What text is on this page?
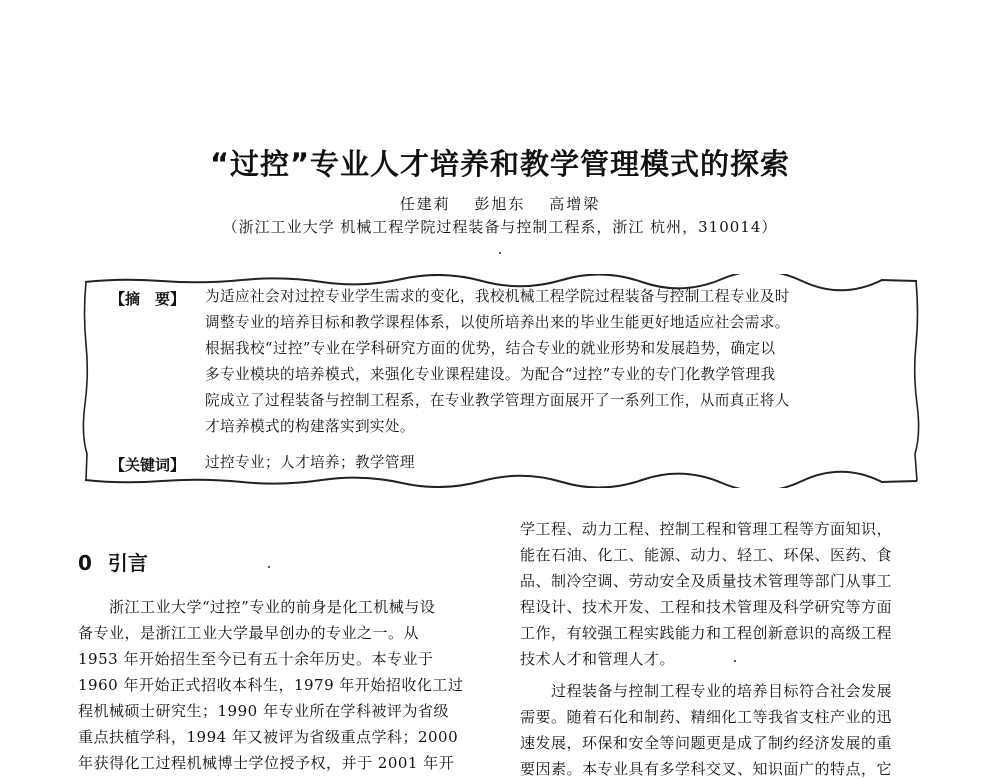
“过控”专业人才培养和教学管理模式的探索
任建莉　 彭旭东　 高增梁
（浙江工业大学 机械工程学院过程装备与控制工程系，浙江 杭州，310014）
【摘　要】 为适应社会对过控专业学生需求的变化，我校机械工程学院过程装备与控制工程专业及时
调整专业的培养目标和教学课程体系，以使所培养出来的毕业生能更好地适应社会需求。
根据我校“过控”专业在学科研究方面的优势，结合专业的就业形势和发展趋势，确定以
多专业模块的培养模式，来强化专业课程建设。为配合“过控”专业的专门化教学管理我
院成立了过程装备与控制工程系，在专业教学管理方面展开了一系列工作，从而真正将人
才培养模式的构建落实到实处。
【关键词】 过控专业；人才培养；教学管理
0 引言
　　浙江工业大学“过控”专业的前身是化工机械与设
备专业，是浙江工业大学最早创办的专业之一。从
1953 年开始招生至今已有五十余年历史。本专业于
1960 年开始正式招收本科生，1979 年开始招收化工过
程机械硕士研究生；1990 年专业所在学科被评为省级
重点扶植学科，1994 年又被评为省级重点学科；2000
年获得化工过程机械博士学位授予权，并于 2001 年开
学工程、动力工程、控制工程和管理工程等方面知识，
能在石油、化工、能源、动力、轻工、环保、医药、食
品、制冷空调、劳动安全及质量技术管理等部门从事工
程设计、技术开发、工程和技术管理及科学研究等方面
工作，有较强工程实践能力和工程创新意识的高级工程
技术人才和管理人才。
　　过程装备与控制工程专业的培养目标符合社会发展
需要。随着石化和制药、精细化工等我省支柱产业的迅
速发展，环保和安全等问题更是成了制约经济发展的重
要因素。本专业具有多学科交叉、知识面广的特点，它
